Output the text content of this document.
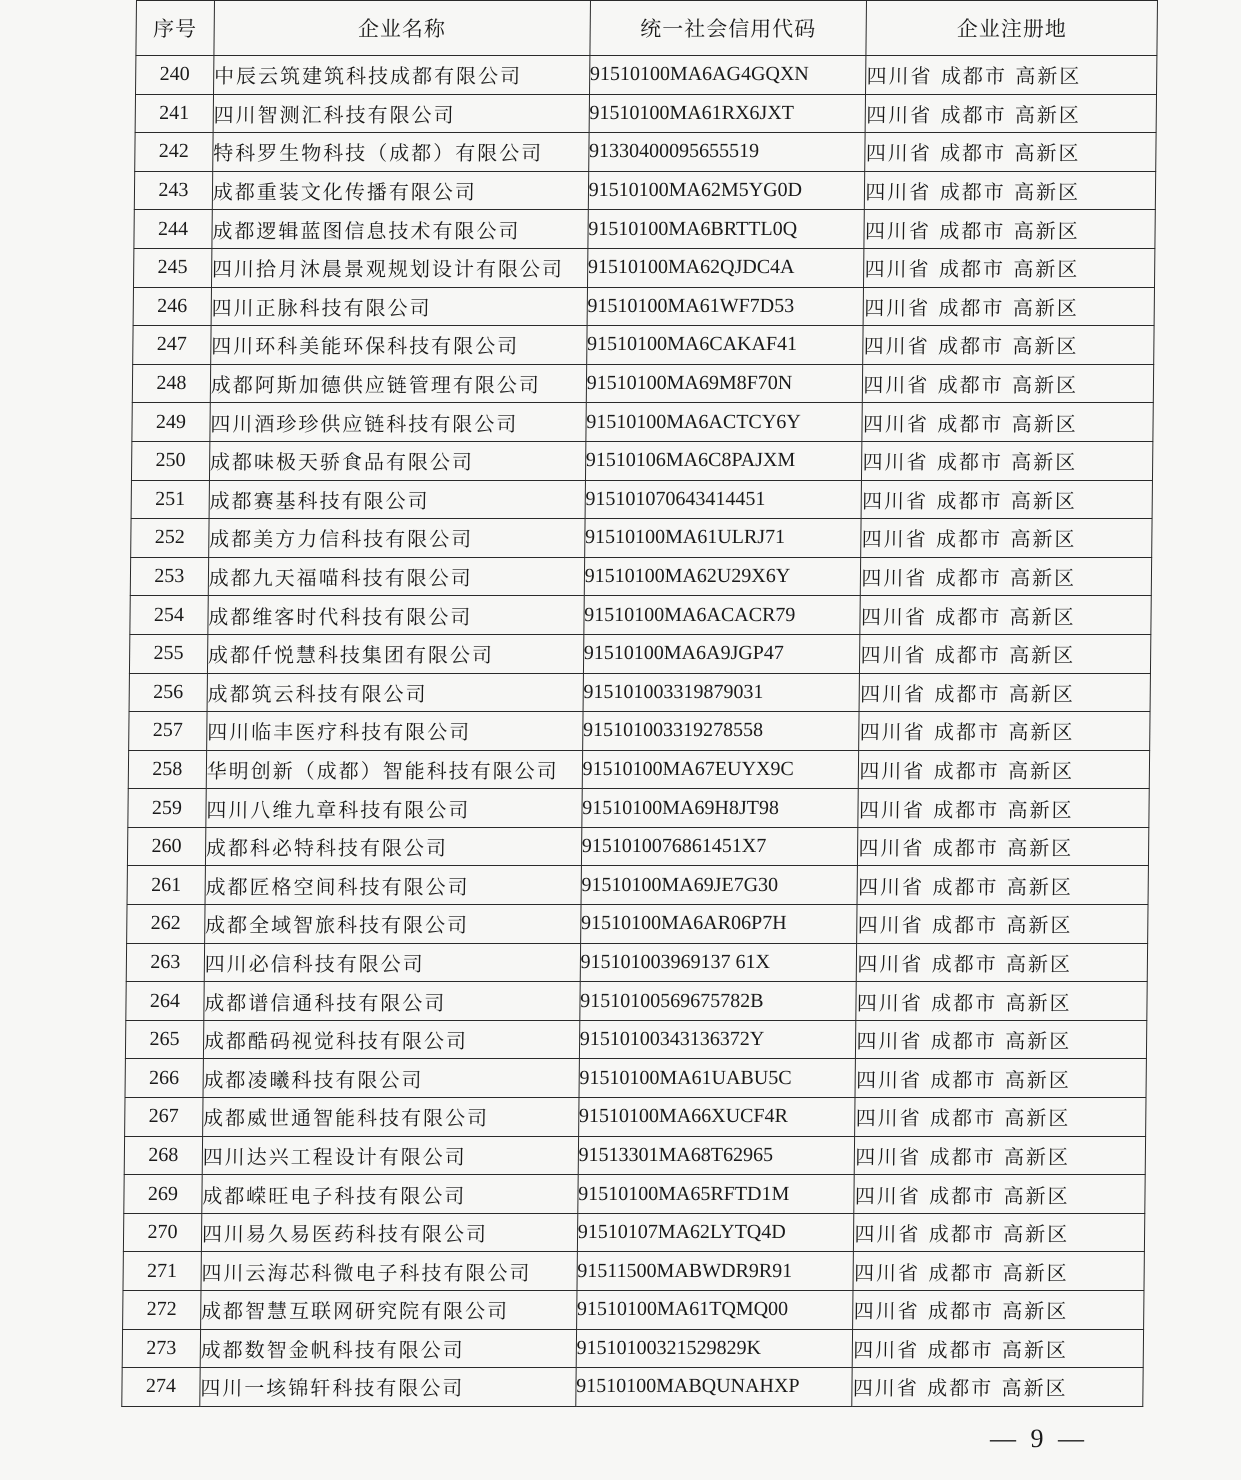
序号	企业名称	统一社会信用代码	企业注册地
240	中辰云筑建筑科技成都有限公司	91510100MA6AG4GQXN	四川省 成都市 高新区
241	四川智测汇科技有限公司	91510100MA61RX6JXT	四川省 成都市 高新区
242	特科罗生物科技（成都）有限公司	91330400095655519	四川省 成都市 高新区
243	成都重装文化传播有限公司	91510100MA62M5YG0D	四川省 成都市 高新区
244	成都逻辑蓝图信息技术有限公司	91510100MA6BRTTL0Q	四川省 成都市 高新区
245	四川拾月沐晨景观规划设计有限公司	91510100MA62QJDC4A	四川省 成都市 高新区
246	四川正脉科技有限公司	91510100MA61WF7D53	四川省 成都市 高新区
247	四川环科美能环保科技有限公司	91510100MA6CAKAF41	四川省 成都市 高新区
248	成都阿斯加德供应链管理有限公司	91510100MA69M8F70N	四川省 成都市 高新区
249	四川酒珍珍供应链科技有限公司	91510100MA6ACTCY6Y	四川省 成都市 高新区
250	成都味极天骄食品有限公司	91510106MA6C8PAJXM	四川省 成都市 高新区
251	成都赛基科技有限公司	915101070643414451	四川省 成都市 高新区
252	成都美方力信科技有限公司	91510100MA61ULRJ71	四川省 成都市 高新区
253	成都九天福喵科技有限公司	91510100MA62U29X6Y	四川省 成都市 高新区
254	成都维客时代科技有限公司	91510100MA6ACACR79	四川省 成都市 高新区
255	成都仟悦慧科技集团有限公司	91510100MA6A9JGP47	四川省 成都市 高新区
256	成都筑云科技有限公司	915101003319879031	四川省 成都市 高新区
257	四川临丰医疗科技有限公司	915101003319278558	四川省 成都市 高新区
258	华明创新（成都）智能科技有限公司	91510100MA67EUYX9C	四川省 成都市 高新区
259	四川八维九章科技有限公司	91510100MA69H8JT98	四川省 成都市 高新区
260	成都科必特科技有限公司	9151010076861451X7	四川省 成都市 高新区
261	成都匠格空间科技有限公司	91510100MA69JE7G30	四川省 成都市 高新区
262	成都全域智旅科技有限公司	91510100MA6AR06P7H	四川省 成都市 高新区
263	四川必信科技有限公司	915101003969137 61X	四川省 成都市 高新区
264	成都谱信通科技有限公司	91510100569675782B	四川省 成都市 高新区
265	成都酷码视觉科技有限公司	91510100343136372Y	四川省 成都市 高新区
266	成都凌曦科技有限公司	91510100MA61UABU5C	四川省 成都市 高新区
267	成都威世通智能科技有限公司	91510100MA66XUCF4R	四川省 成都市 高新区
268	四川达兴工程设计有限公司	91513301MA68T62965	四川省 成都市 高新区
269	成都嵘旺电子科技有限公司	91510100MA65RFTD1M	四川省 成都市 高新区
270	四川易久易医药科技有限公司	91510107MA62LYTQ4D	四川省 成都市 高新区
271	四川云海芯科微电子科技有限公司	91511500MABWDR9R91	四川省 成都市 高新区
272	成都智慧互联网研究院有限公司	91510100MA61TQMQ00	四川省 成都市 高新区
273	成都数智金帆科技有限公司	91510100321529829K	四川省 成都市 高新区
274	四川一垓锦轩科技有限公司	91510100MABQUNAHXP	四川省 成都市 高新区
— 9 —
